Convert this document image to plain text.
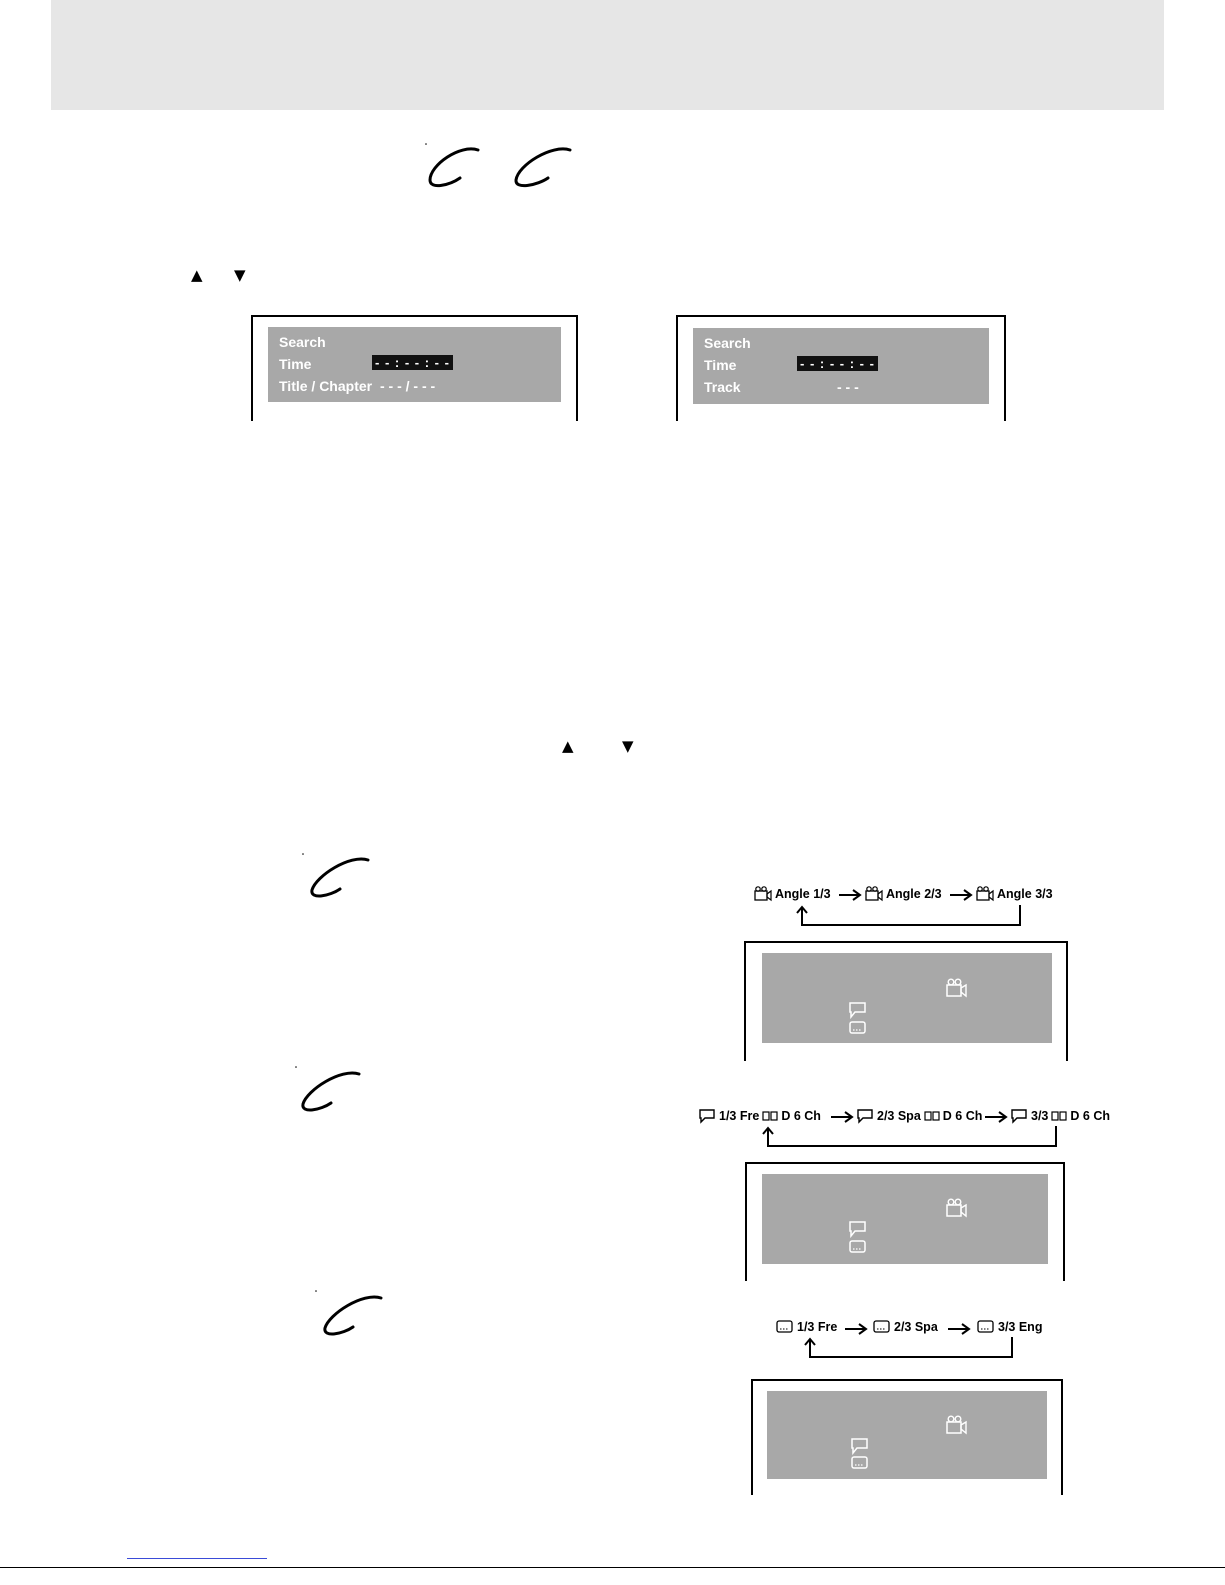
▲ ▼
Search
Time	- - : - - : - -
Title / Chapter - - - / - - -
Search
Time	- - : - - : - -
Track	- - -
▲	▼
Angle 1/3	Angle 2/3	Angle 3/3
1/3 Fre D 6 Ch	2/3 Spa D 6 Ch	3/3 D 6 Ch
1/3 Fre	2/3 Spa	3/3 Eng
